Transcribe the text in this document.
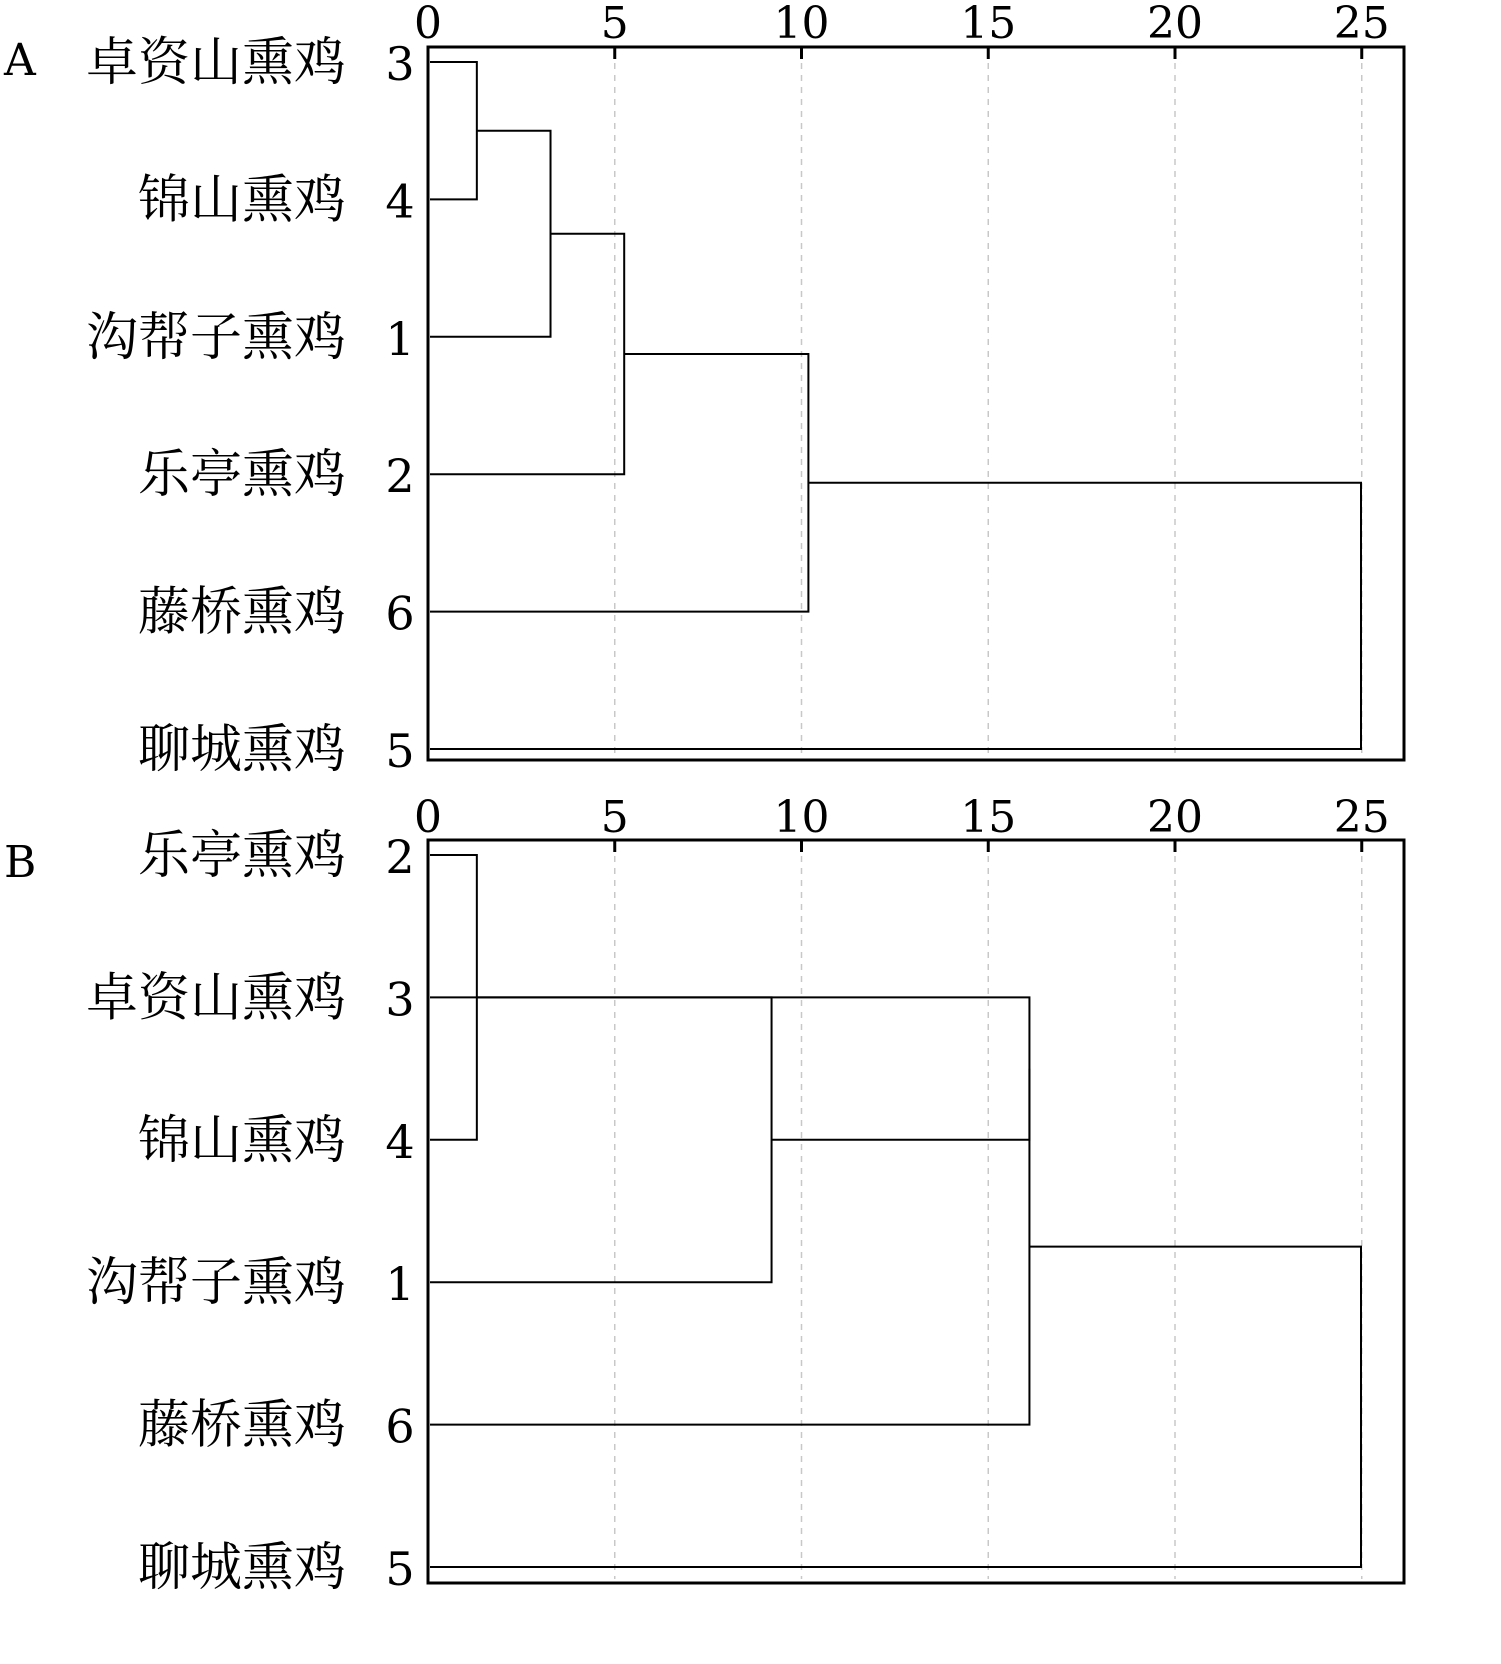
0	5	10	15	20	25
A 卓资山熏鸡 3
锦山熏鸡 4
沟帮子熏鸡 1
乐亭熏鸡 2
藤桥熏鸡 6
聊城熏鸡 5
0	5	10	15	20	25
B 乐亭熏鸡 2
卓资山熏鸡 3
锦山熏鸡 4
沟帮子熏鸡 1
藤桥熏鸡 6
聊城熏鸡 5
